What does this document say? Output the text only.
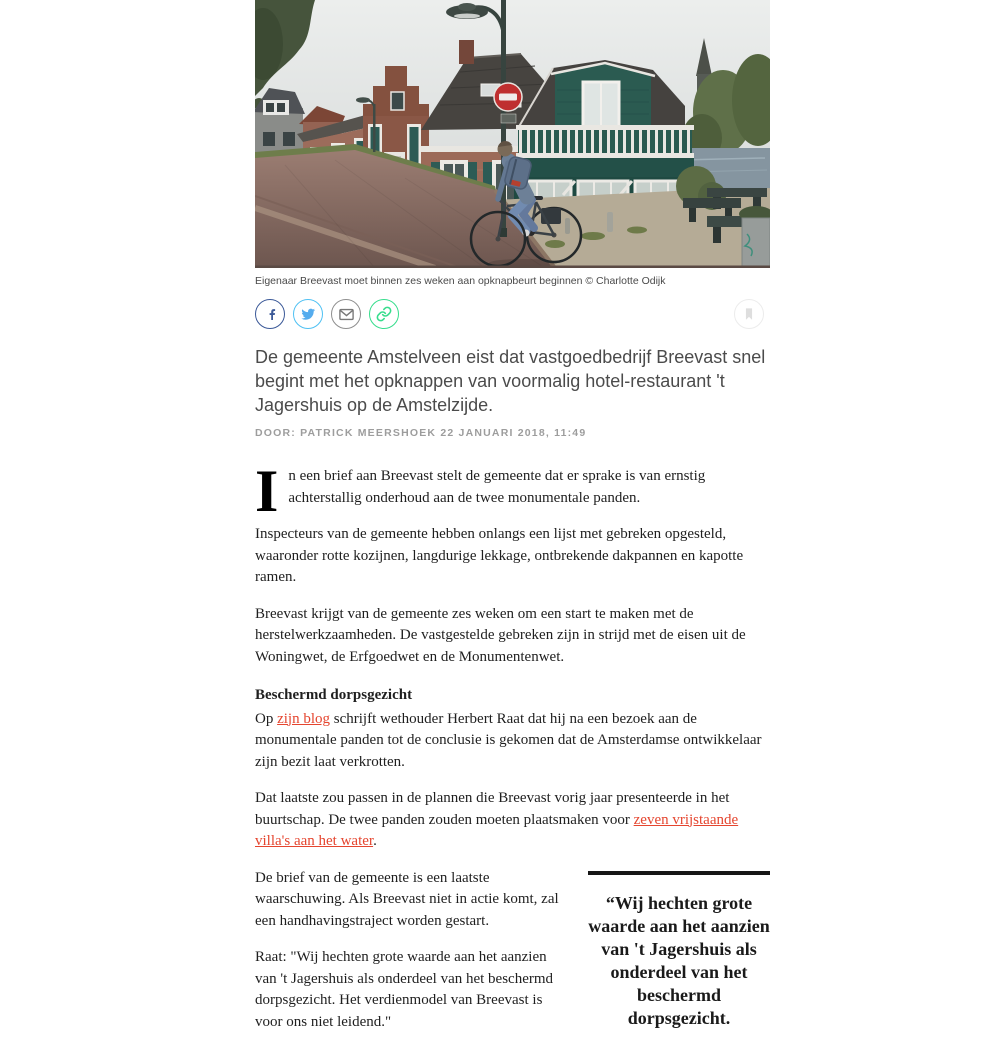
Eigenaar Breevast moet binnen zes weken aan opknapbeurt beginnen © Charlotte Odijk

De gemeente Amstelveen eist dat vastgoedbedrijf Breevast snel begint met het opknappen van voormalig hotel-restaurant 't Jagershuis op de Amstelzijde.

DOOR: PATRICK MEERSHOEK 22 JANUARI 2018, 11:49

In een brief aan Breevast stelt de gemeente dat er sprake is van ernstig achterstallig onderhoud aan de twee monumentale panden.

Inspecteurs van de gemeente hebben onlangs een lijst met gebreken opgesteld, waaronder rotte kozijnen, langdurige lekkage, ontbrekende dakpannen en kapotte ramen.

Breevast krijgt van de gemeente zes weken om een start te maken met de herstelwerkzaamheden. De vastgestelde gebreken zijn in strijd met de eisen uit de Woningwet, de Erfgoedwet en de Monumentenwet.

Beschermd dorpsgezicht

Op zijn blog schrijft wethouder Herbert Raat dat hij na een bezoek aan de monumentale panden tot de conclusie is gekomen dat de Amsterdamse ontwikkelaar zijn bezit laat verkrotten.

Dat laatste zou passen in de plannen die Breevast vorig jaar presenteerde in het buurtschap. De twee panden zouden moeten plaatsmaken voor zeven vrijstaande villa's aan het water.

“Wij hechten grote waarde aan het aanzien van 't Jagershuis als onderdeel van het beschermd dorpsgezicht.

De brief van de gemeente is een laatste waarschuwing. Als Breevast niet in actie komt, zal een handhavingstraject worden gestart.

Raat: "Wij hechten grote waarde aan het aanzien van 't Jagershuis als onderdeel van het beschermd dorpsgezicht. Het verdienmodel van Breevast is voor ons niet leidend."
